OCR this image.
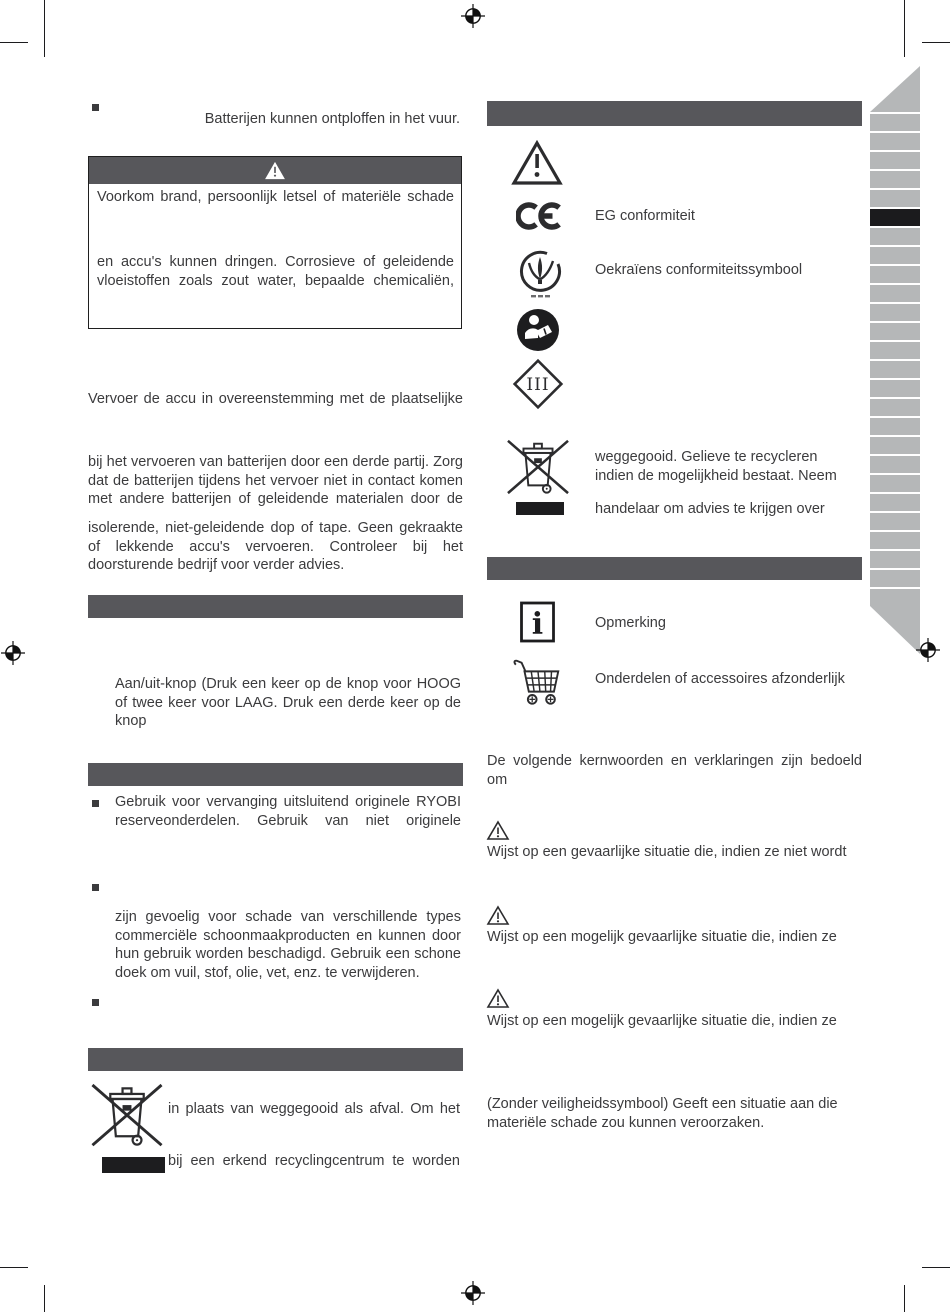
Batterijen kunnen ontploffen in het vuur.
Voorkom brand, persoonlijk letsel of materiële schade
en accu's kunnen dringen. Corrosieve of geleidende vloeistoffen zoals zout water, bepaalde chemicaliën,
Vervoer de accu in overeenstemming met de plaatselijke
bij het vervoeren van batterijen door een derde partij. Zorg dat de batterijen tijdens het vervoer niet in contact komen met andere batterijen of geleidende materialen door de
isolerende, niet-geleidende dop of tape. Geen gekraakte of lekkende accu's vervoeren. Controleer bij het doorsturende bedrijf voor verder advies.
Aan/uit-knop (Druk een keer op de knop voor HOOG of twee keer voor LAAG. Druk een derde keer op de knop
Gebruik voor vervanging uitsluitend originele RYOBI reserveonderdelen. Gebruik van niet originele
zijn gevoelig voor schade van verschillende types commerciële schoonmaakproducten en kunnen door hun gebruik worden beschadigd. Gebruik een schone doek om vuil, stof, olie, vet, enz. te verwijderen.
in plaats van weggegooid als afval. Om het
bij een erkend recyclingcentrum te worden
EG conformiteit
Oekraïens conformiteitssymbool
III
weggegooid. Gelieve te recycleren
indien de mogelijkheid bestaat. Neem
handelaar om advies te krijgen over
i	Opmerking
Onderdelen of accessoires afzonderlijk
De volgende kernwoorden en verklaringen zijn bedoeld om
Wijst op een gevaarlijke situatie die, indien ze niet wordt
Wijst op een mogelijk gevaarlijke situatie die, indien ze
Wijst op een mogelijk gevaarlijke situatie die, indien ze
(Zonder veiligheidssymbool) Geeft een situatie aan die materiële schade zou kunnen veroorzaken.
